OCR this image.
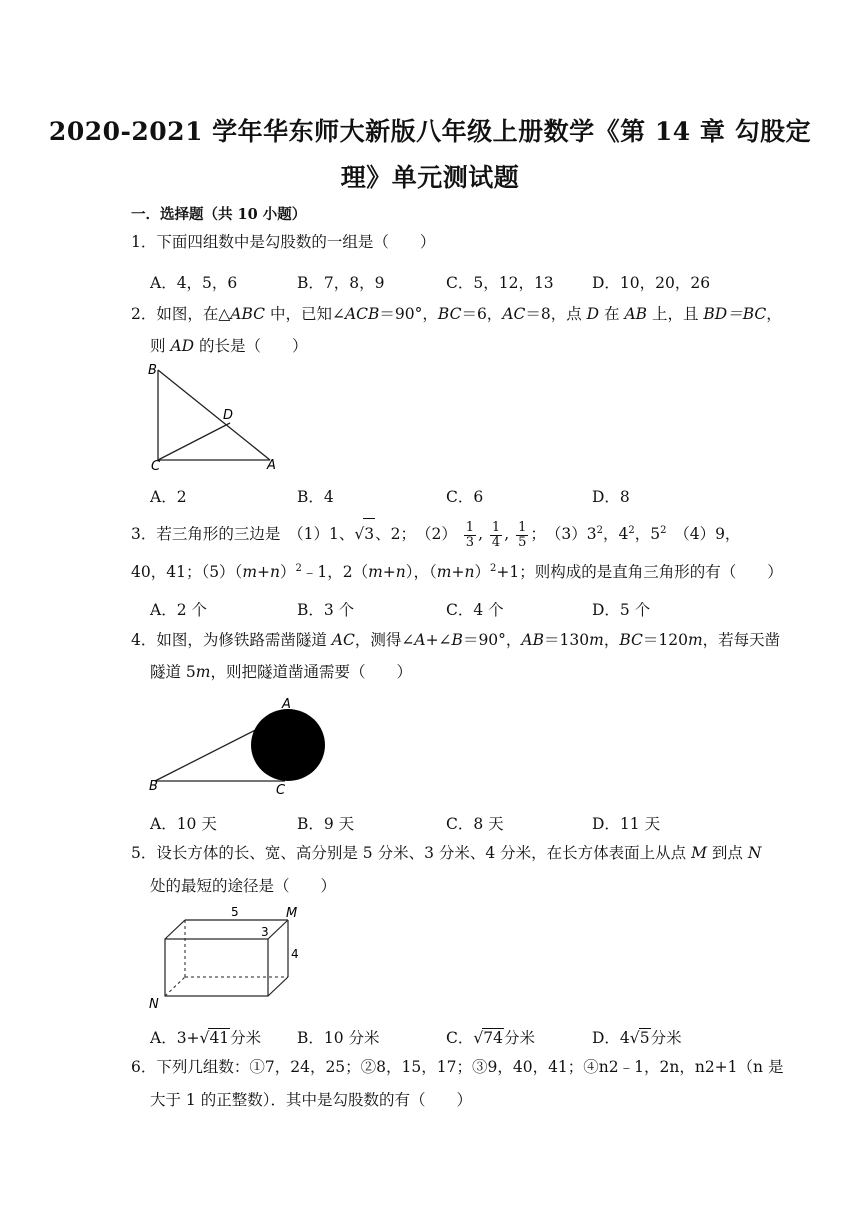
2020-2021 学年华东师大新版八年级上册数学《第 14 章 勾股定
理》单元测试题
一．选择题（共 10 小题）
1．下面四组数中是勾股数的一组是（　　）
A．4，5，6	B．7，8，9	C．5，12，13 D．10，20，26
2．如图，在△ABC 中，已知∠ACB＝90°，BC＝6，AC＝8，点 D 在 AB 上，且 BD＝BC，
则 AD 的长是（　　）
B
D
C	A
A．2	B．4	C．6	D．8
3．若三角形的三边是　（1）1、√3、2；　$(2) \frac{1}{3}$ , $\frac{1}{4}$ , $\frac{1}{5}$ ；　$(3)3^2$，$4^2$，$5^2$　（4）9，
40，41；$(5)(m+n)^2﹣1$，2（m+n），$(m+n)^2+1$；则构成的是直角三角形的有（　　）
A．2 个	B．3 个	C．4 个	D．5 个
4．如图，为修铁路需凿隧道 AC，测得∠A+∠B＝90°，AB＝130m，BC＝120m，若每天凿
隧道 5m，则把隧道凿通需要（　　）
A
B	C
A．10 天	B．9 天	C．8 天	D．11 天
5．设长方体的长、宽、高分别是 5 分米、3 分米、4 分米，在长方体表面上从点 M 到点 N
处的最短的途径是（　　）
5
3
4
M
N
A．3+√41分米 B．10 分米	C．√74分米	D．4√5分米
6．下列几组数：①7，24，25；②8，15，17；③9，40，41；④n2﹣1，2n，n2+1（n 是
大于 1 的正整数）．其中是勾股数的有（　　）
